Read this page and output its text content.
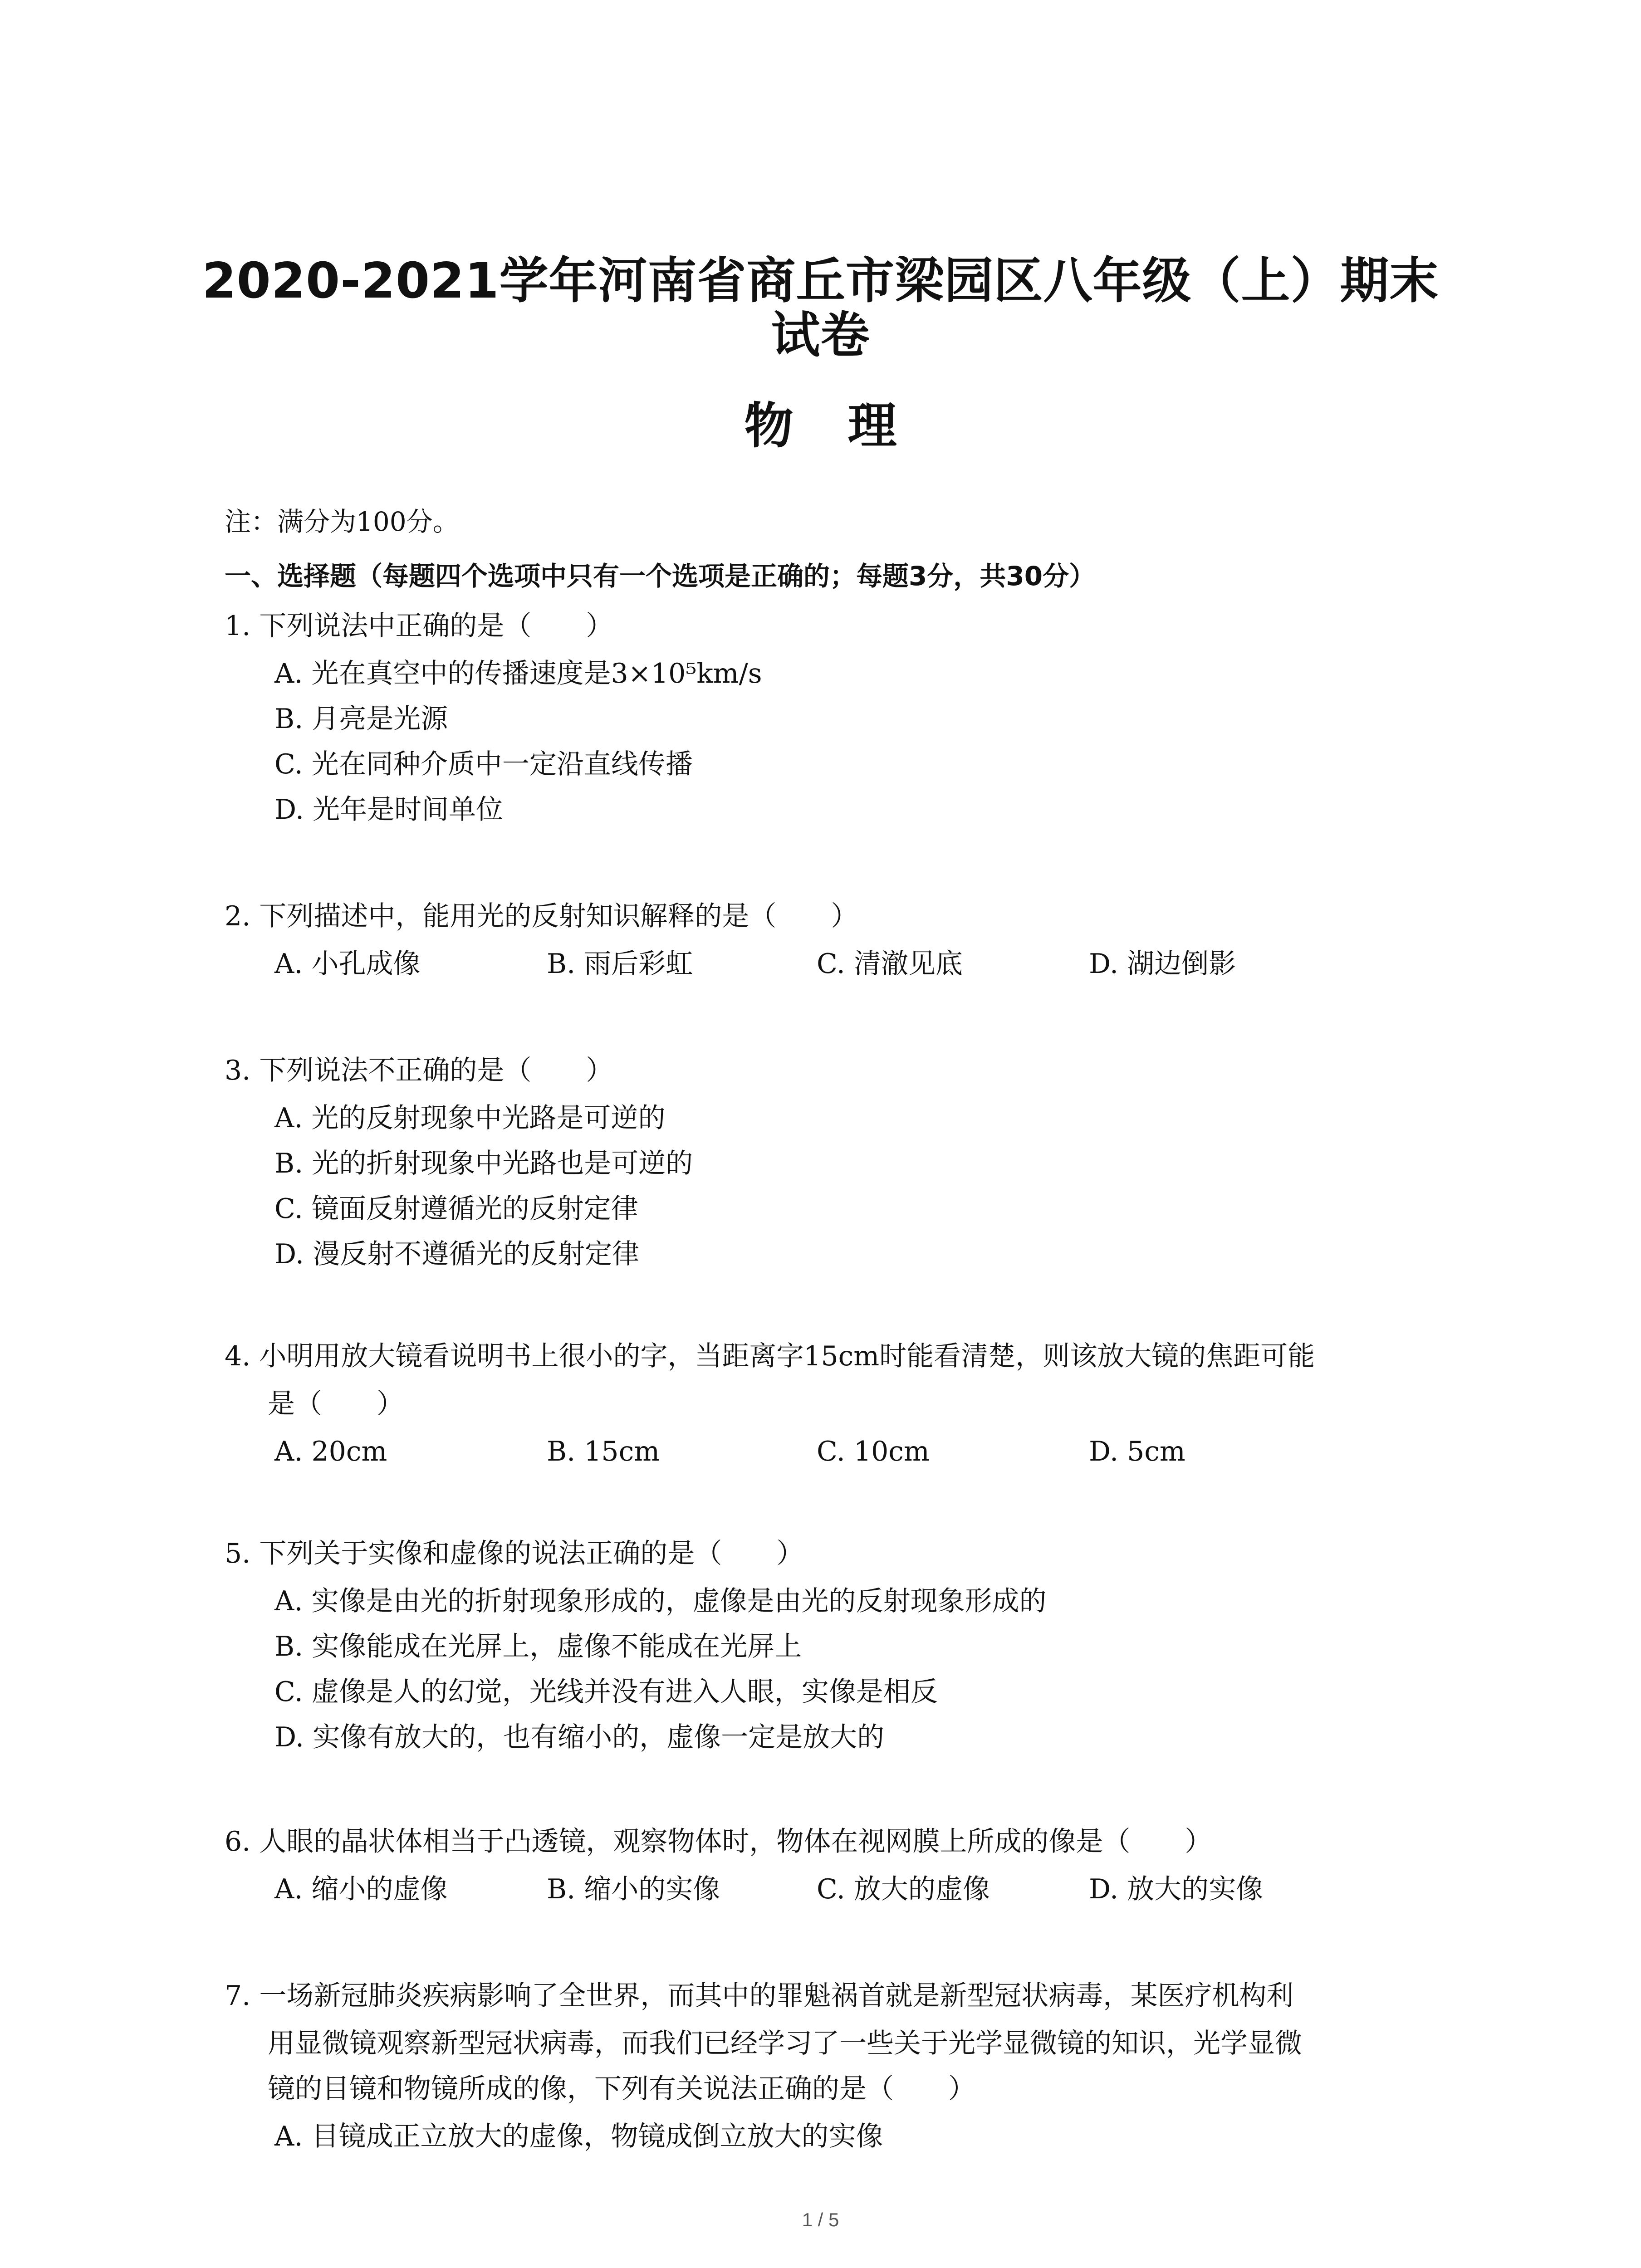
2020-2021学年河南省商丘市梁园区八年级（上）期末
试卷
物理
注：满分为100分。
一、选择题（每题四个选项中只有一个选项是正确的；每题3分，共30分）
1. 下列说法中正确的是（　　）
A. 光在真空中的传播速度是3×10⁵km/s
B. 月亮是光源
C. 光在同种介质中一定沿直线传播
D. 光年是时间单位
2. 下列描述中，能用光的反射知识解释的是（　　）
A. 小孔成像	B. 雨后彩虹	C. 清澈见底	D. 湖边倒影
3. 下列说法不正确的是（　　）
A. 光的反射现象中光路是可逆的
B. 光的折射现象中光路也是可逆的
C. 镜面反射遵循光的反射定律
D. 漫反射不遵循光的反射定律
4. 小明用放大镜看说明书上很小的字，当距离字15cm时能看清楚，则该放大镜的焦距可能
是（　　）
A. 20cm	B. 15cm	C. 10cm	D. 5cm
5. 下列关于实像和虚像的说法正确的是（　　）
A. 实像是由光的折射现象形成的，虚像是由光的反射现象形成的
B. 实像能成在光屏上，虚像不能成在光屏上
C. 虚像是人的幻觉，光线并没有进入人眼，实像是相反
D. 实像有放大的，也有缩小的，虚像一定是放大的
6. 人眼的晶状体相当于凸透镜，观察物体时，物体在视网膜上所成的像是（　　）
A. 缩小的虚像	B. 缩小的实像	C. 放大的虚像	D. 放大的实像
7. 一场新冠肺炎疾病影响了全世界，而其中的罪魁祸首就是新型冠状病毒，某医疗机构利
用显微镜观察新型冠状病毒，而我们已经学习了一些关于光学显微镜的知识，光学显微
镜的目镜和物镜所成的像，下列有关说法正确的是（　　）
A. 目镜成正立放大的虚像，物镜成倒立放大的实像
1 / 5
